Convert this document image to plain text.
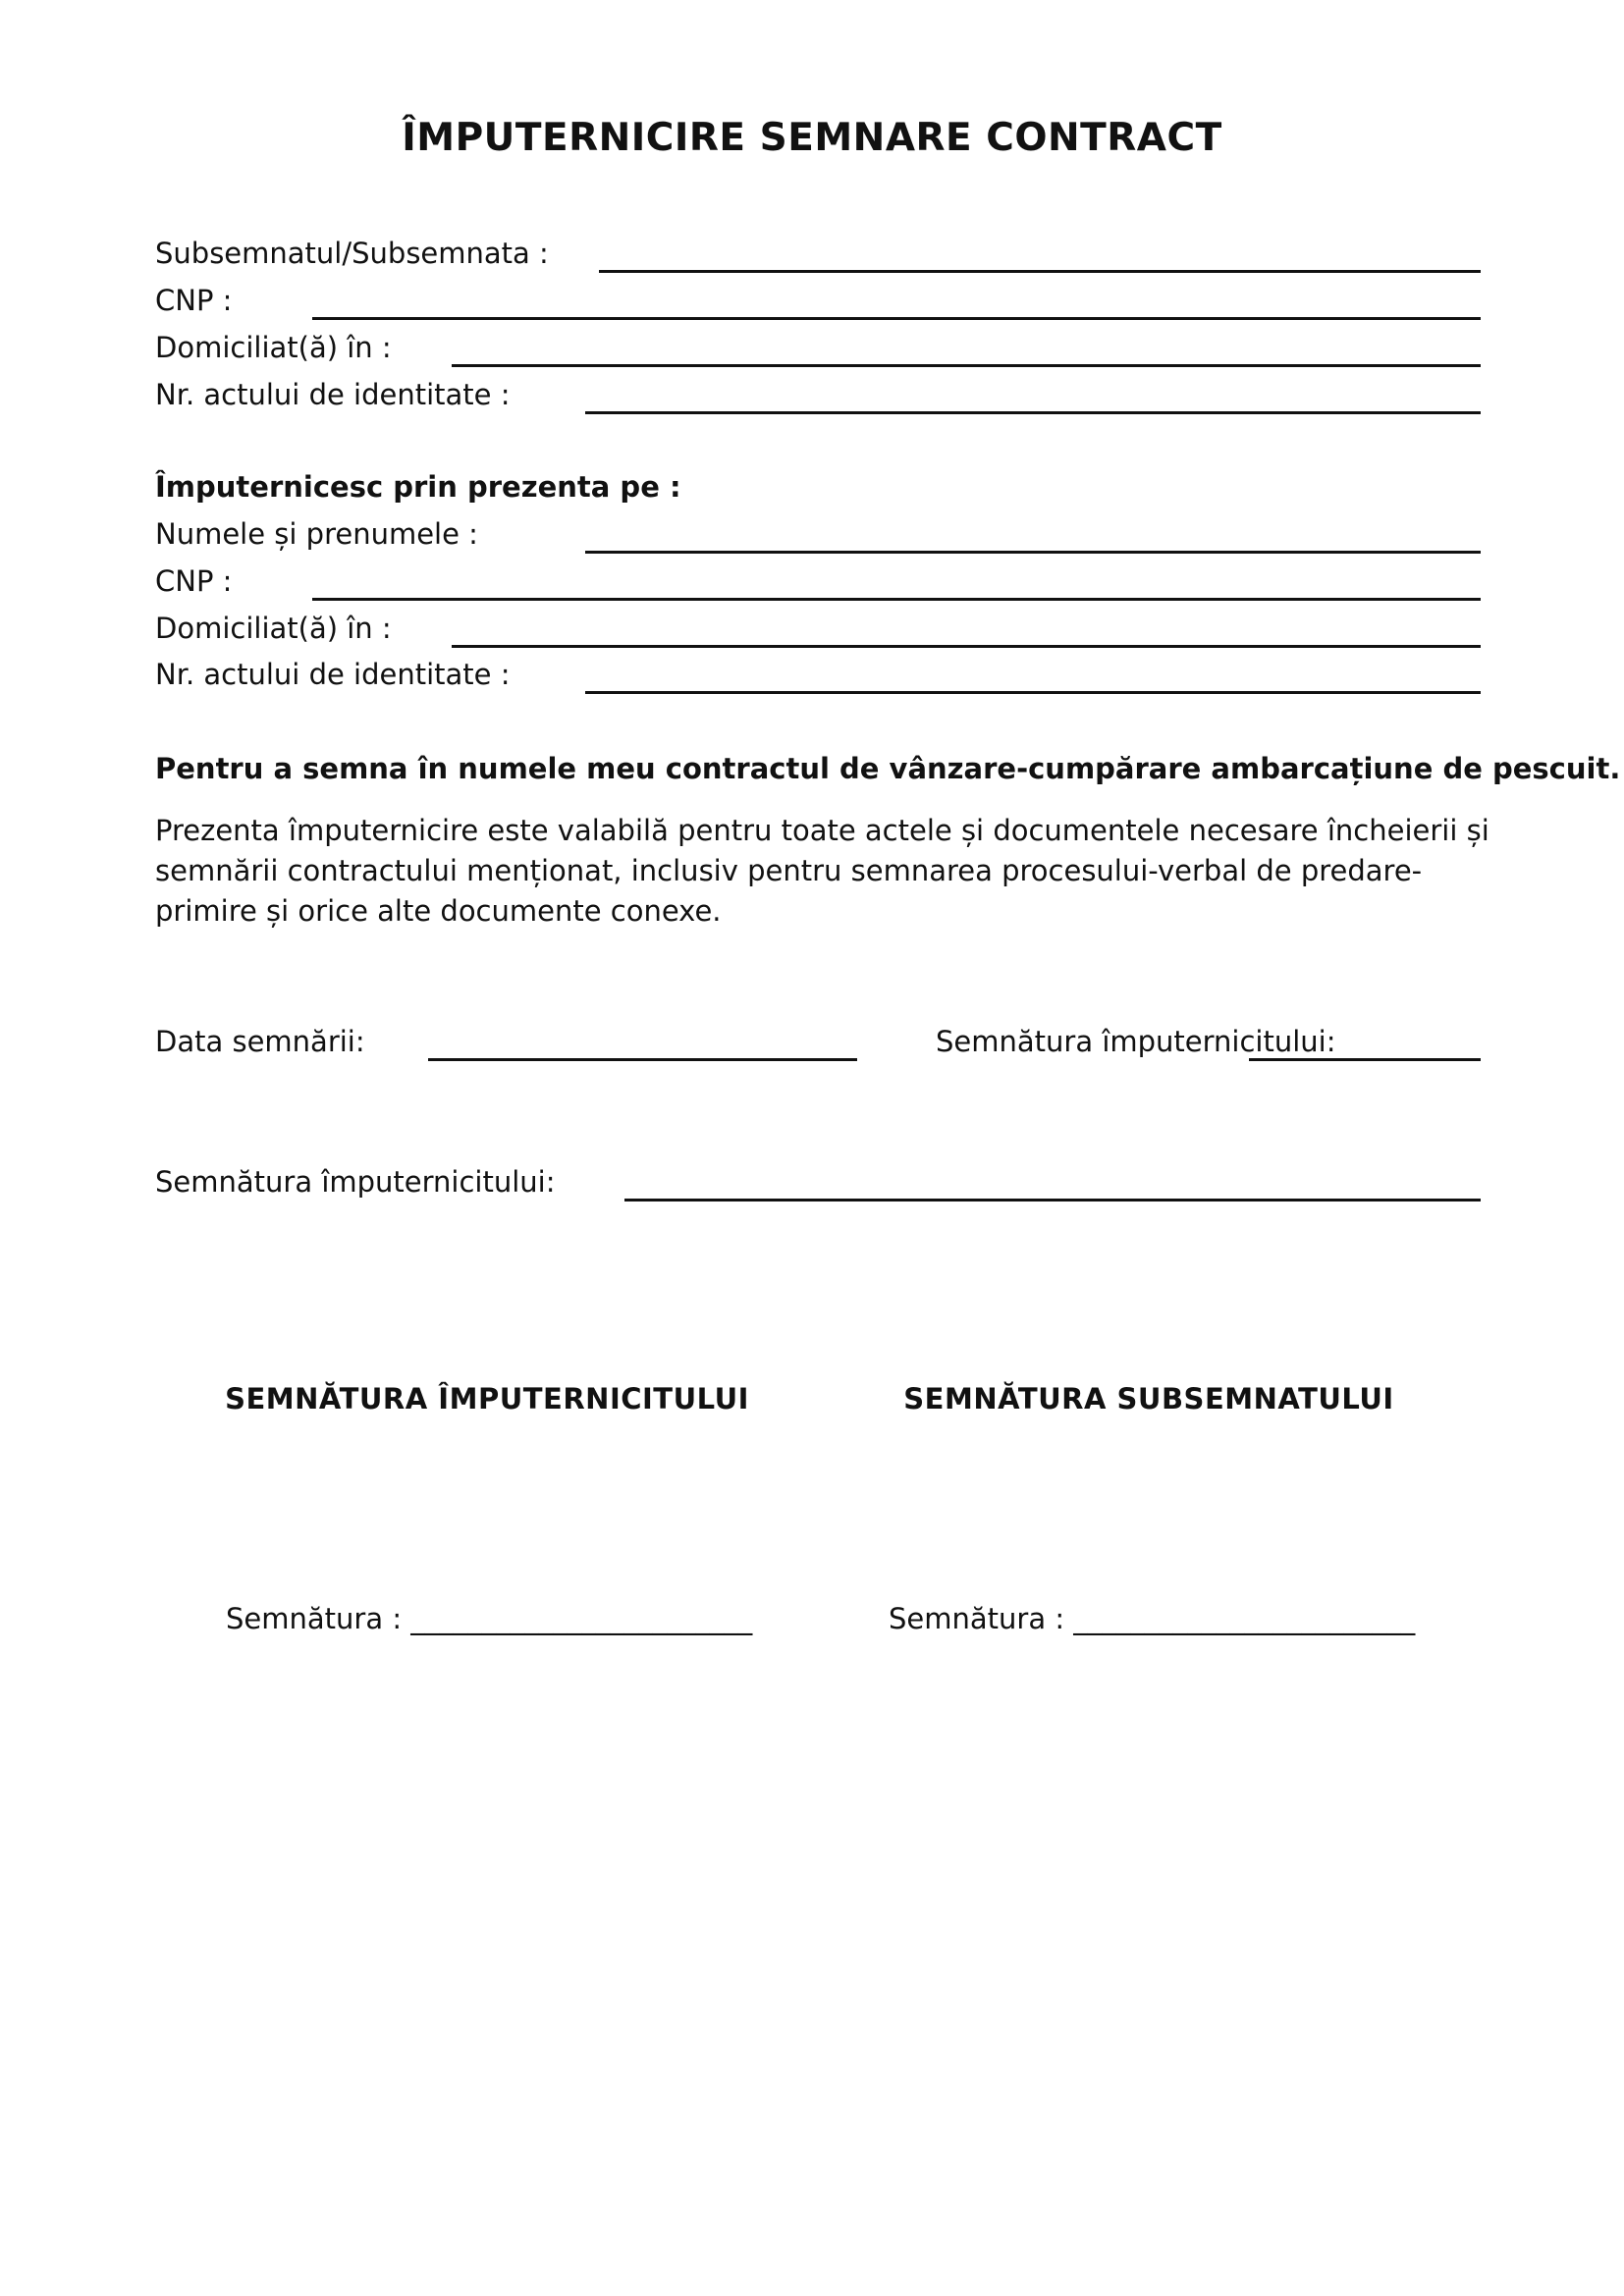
ÎMPUTERNICIRE SEMNARE CONTRACT
Subsemnatul/Subsemnata :
CNP :
Domiciliat(ă) în :
Nr. actului de identitate :
Împuternicesc prin prezenta pe :
Numele și prenumele :
CNP :
Domiciliat(ă) în :
Nr. actului de identitate :
Pentru a semna în numele meu contractul de vânzare-cumpărare ambarcațiune de pescuit.
Prezenta împuternicire este valabilă pentru toate actele și documentele necesare încheierii și semnării contractului menționat, inclusiv pentru semnarea procesului-verbal de predare-primire și orice alte documente conexe.
Data semnării:	Semnătura împuternicitului:
Semnătura împuternicitului:
SEMNĂTURA ÎMPUTERNICITULUI	SEMNĂTURA SUBSEMNATULUI
Semnătura : ________________________	Semnătura : ________________________
